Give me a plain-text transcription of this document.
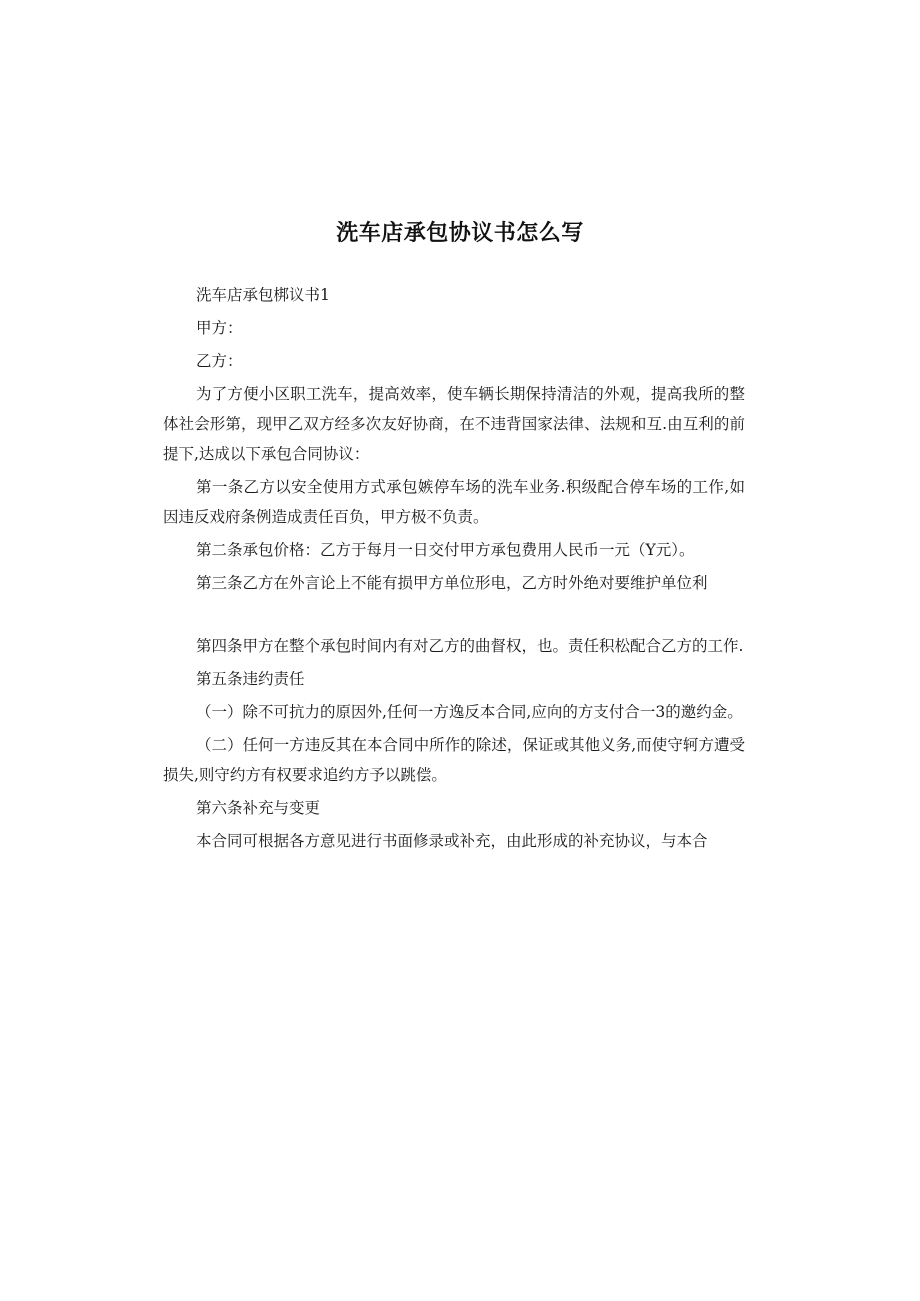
洗车店承包协议书怎么写

洗车店承包梆议书1

甲方：

乙方：

为了方便小区职工洗车，提高效率，使车辆长期保持清洁的外观，提高我所的整体社会形第，现甲乙双方经多次友好协商，在不违背国家法律、法规和互.由互利的前提下,达成以下承包合同协议：

第一条乙方以安全使用方式承包嫉停车场的洗车业务.积级配合停车场的工作,如因违反戏府条例造成责任百负，甲方极不负责。

第二条承包价格：乙方于每月一日交付甲方承包费用人民币一元（Y元）。

第三条乙方在外言论上不能有损甲方单位形电，乙方时外绝对要维护单位利

第四条甲方在整个承包时间内有对乙方的曲督权，也。责任积松配合乙方的工作.

第五条违约责任

（一）除不可抗力的原因外,任何一方逸反本合同,应向的方支付合一3的邀约金。

（二）任何一方违反其在本合同中所作的除述，保证或其他义务,而使守轲方遭受损失,则守约方有权要求追约方予以跳偿。

第六条补充与变更

本合同可根据各方意见进行书面修录或补充，由此形成的补充协议，与本合
